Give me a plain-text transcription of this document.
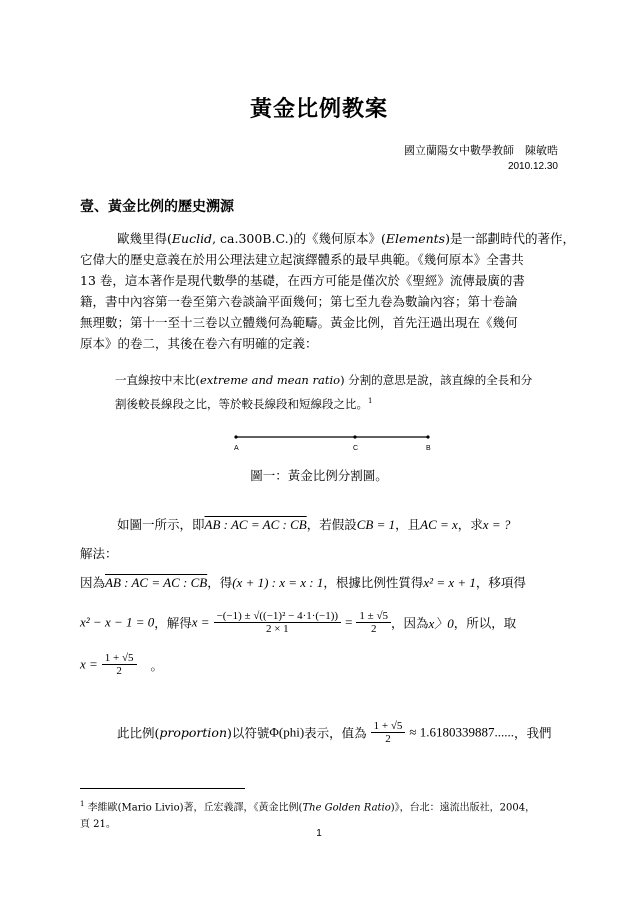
黃金比例教案
國立蘭陽女中數學教師　陳敏晧
2010.12.30
壹、黃金比例的歷史溯源
歐幾里得(Euclid, ca.300B.C.)的《幾何原本》(Elements)是一部劃時代的著作，
它偉大的歷史意義在於用公理法建立起演繹體系的最早典範。《幾何原本》全書共
13 卷，這本著作是現代數學的基礎，在西方可能是僅次於《聖經》流傳最廣的書
籍，書中內容第一卷至第六卷談論平面幾何；第七至九卷為數論內容；第十卷論
無理數；第十一至十三卷以立體幾何為範疇。黃金比例，首先汪過出現在《幾何
原本》的卷二，其後在卷六有明確的定義：
一直線按中末比(extreme and mean ratio) 分割的意思是說，該直線的全長和分
割後較長線段之比，等於較長線段和短線段之比。$^1$
A	C	B
圖一：黃金比例分割圖。
如圖一所示，即AB : AC = AC : CB，若假設CB = 1，且AC = x，求x = ?
解法：
因為AB : AC = AC : CB，得(x + 1) : x = x : 1，根據比例性質得x² = x + 1，移項得
x² − x − 1 = 0，解得$x = \frac{\text{−(−1) ± √((−1)² − 4·1·(−1))}}{2 \times 1} = \frac{1 \pm √5}{2}$ ，因為x〉0，所以，取
$x = \frac{1 + √5}{2}$ 。
此比例(proportion)以符號Φ(phi)表示，值為 $\frac{1 + √5}{2} \approx 1.6180339887$......，我們
$^1$ 李維歐(Mario Livio)著，丘宏義譯，《黃金比例(The Golden Ratio)》，台北：遠流出版社，2004，
頁 21。
1
